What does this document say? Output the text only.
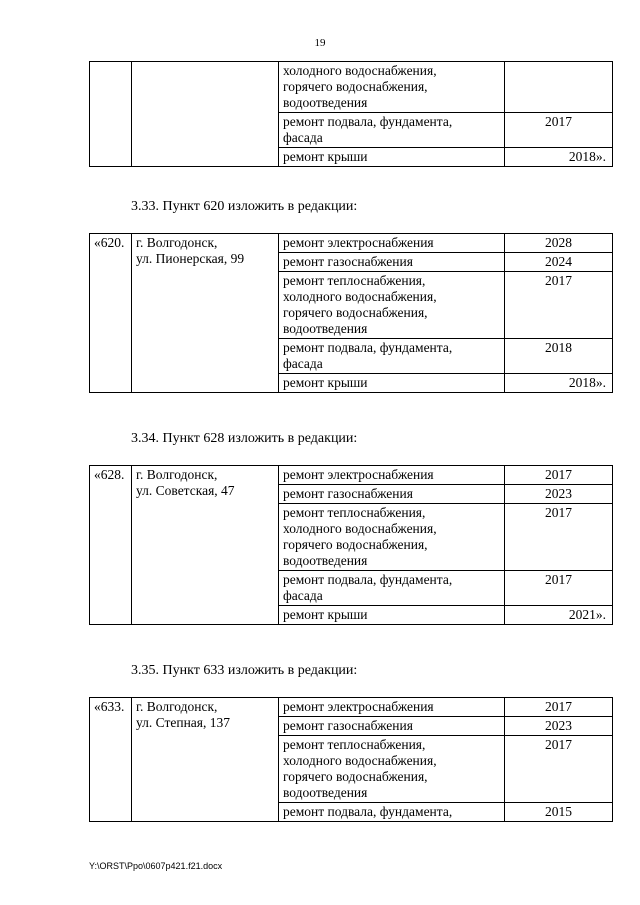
19
		холодного водоснабжения,
горячего водоснабжения,
водоотведения	
		ремонт подвала, фундамента,
фасада	2017
		ремонт крыши	2018».
3.33. Пункт 620 изложить в редакции:
«620.	г. Волгодонск,
ул. Пионерская, 99	ремонт электроснабжения	2028
		ремонт газоснабжения	2024
		ремонт теплоснабжения,
холодного водоснабжения,
горячего водоснабжения,
водоотведения	2017
		ремонт подвала, фундамента,
фасада	2018
		ремонт крыши	2018».
3.34. Пункт 628 изложить в редакции:
«628.	г. Волгодонск,
ул. Советская, 47	ремонт электроснабжения	2017
		ремонт газоснабжения	2023
		ремонт теплоснабжения,
холодного водоснабжения,
горячего водоснабжения,
водоотведения	2017
		ремонт подвала, фундамента,
фасада	2017
		ремонт крыши	2021».
3.35. Пункт 633 изложить в редакции:
«633.	г. Волгодонск,
ул. Степная, 137	ремонт электроснабжения	2017
		ремонт газоснабжения	2023
		ремонт теплоснабжения,
холодного водоснабжения,
горячего водоснабжения,
водоотведения	2017
		ремонт подвала, фундамента,	2015
Y:\ORST\Ppo\0607p421.f21.docx
